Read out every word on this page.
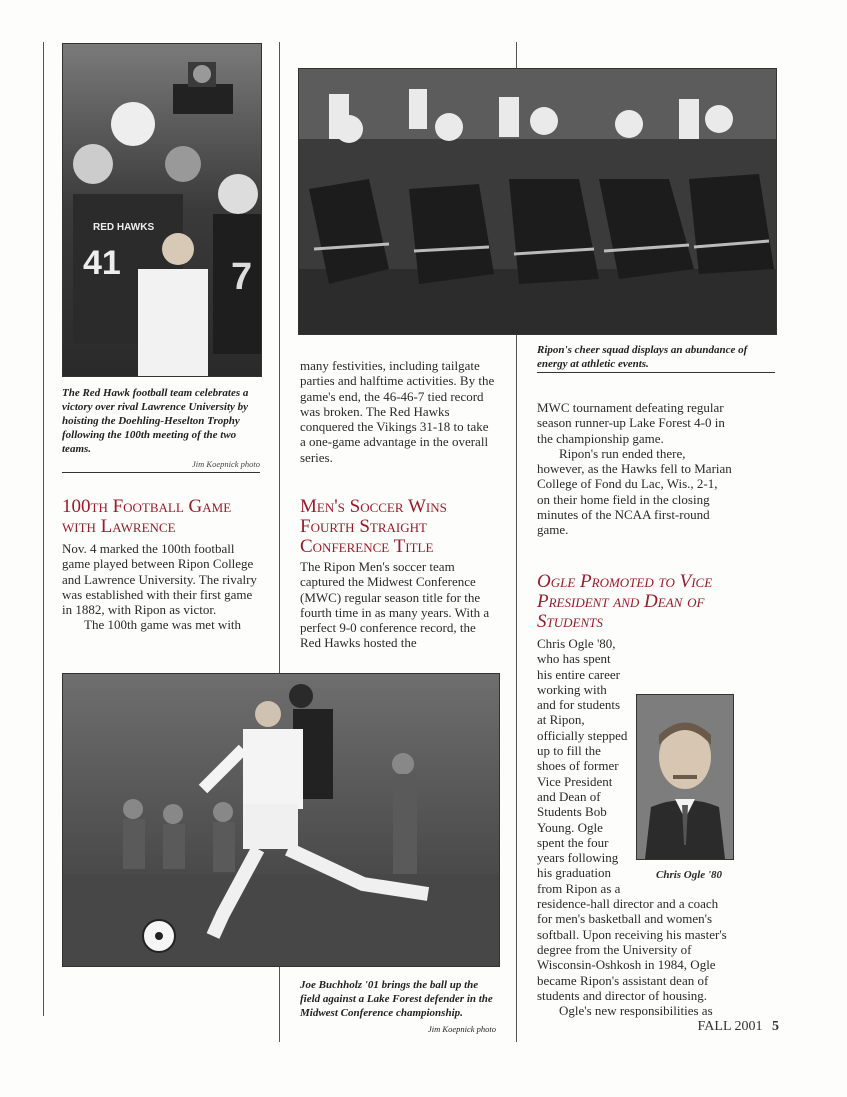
RED HAWKS
41	7
Ripon's cheer squad displays an abundance of energy at athletic events.
The Red Hawk football team celebrates a victory over rival Lawrence University by hoisting the Doehling-Heselton Trophy following the 100th meeting of the two teams.
Jim Koepnick photo
100th Football Game with Lawrence

Nov. 4 marked the 100th football game played between Ripon College and Lawrence University. The rivalry was established with their first game in 1882, with Ripon as victor.

The 100th game was met with

many festivities, including tailgate parties and halftime activities. By the game's end, the 46-46-7 tied record was broken. The Red Hawks conquered the Vikings 31-18 to take a one-game advantage in the overall series.

Men's Soccer Wins Fourth Straight Conference Title

The Ripon Men's soccer team captured the Midwest Conference (MWC) regular season title for the fourth time in as many years. With a perfect 9-0 conference record, the Red Hawks hosted the

MWC tournament defeating regular season runner-up Lake Forest 4-0 in the championship game.

Ripon's run ended there, however, as the Hawks fell to Marian College of Fond du Lac, Wis., 2-1, on their home field in the closing minutes of the NCAA first-round game.

Joe Buchholz '01 brings the ball up the field against a Lake Forest defender in the Midwest Conference championship.
Jim Koepnick photo
Ogle Promoted to Vice President and Dean of Students

Chris Ogle '80
Chris Ogle '80, who has spent his entire career working with and for students at Ripon, officially stepped up to fill the shoes of former Vice President and Dean of Students Bob Young. Ogle spent the four years following his graduation from Ripon as a residence-hall director and a coach for men's basketball and women's softball. Upon receiving his master's degree from the University of Wisconsin-Oshkosh in 1984, Ogle became Ripon's assistant dean of students and director of housing.

Ogle's new responsibilities as

FALL 2001 5
